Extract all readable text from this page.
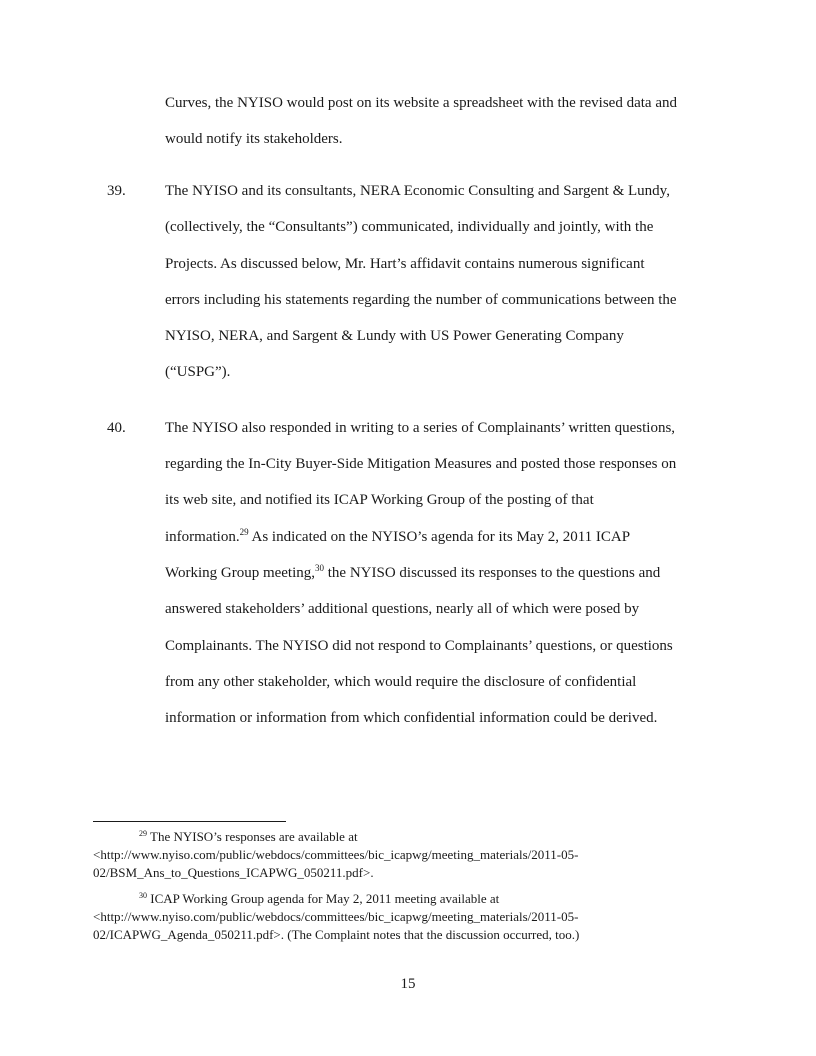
Curves, the NYISO would post on its website a spreadsheet with the revised data and
would notify its stakeholders.
39.	The NYISO and its consultants, NERA Economic Consulting and Sargent & Lundy,
(collectively, the “Consultants”) communicated, individually and jointly, with the
Projects. As discussed below, Mr. Hart’s affidavit contains numerous significant
errors including his statements regarding the number of communications between the
NYISO, NERA, and Sargent & Lundy with US Power Generating Company
(“USPG”).
40.	The NYISO also responded in writing to a series of Complainants’ written questions,
regarding the In-City Buyer-Side Mitigation Measures and posted those responses on
its web site, and notified its ICAP Working Group of the posting of that
information.$^{29}$ As indicated on the NYISO’s agenda for its May 2, 2011 ICAP
Working Group meeting,$^{30}$ the NYISO discussed its responses to the questions and
answered stakeholders’ additional questions, nearly all of which were posed by
Complainants. The NYISO did not respond to Complainants’ questions, or questions
from any other stakeholder, which would require the disclosure of confidential
information or information from which confidential information could be derived.
$^{29}$ The NYISO’s responses are available at
<http://www.nyiso.com/public/webdocs/committees/bic_icapwg/meeting_materials/2011-05-
02/BSM_Ans_to_Questions_ICAPWG_050211.pdf>.
$^{30}$ ICAP Working Group agenda for May 2, 2011 meeting available at
<http://www.nyiso.com/public/webdocs/committees/bic_icapwg/meeting_materials/2011-05-
02/ICAPWG_Agenda_050211.pdf>. (The Complaint notes that the discussion occurred, too.)
15
